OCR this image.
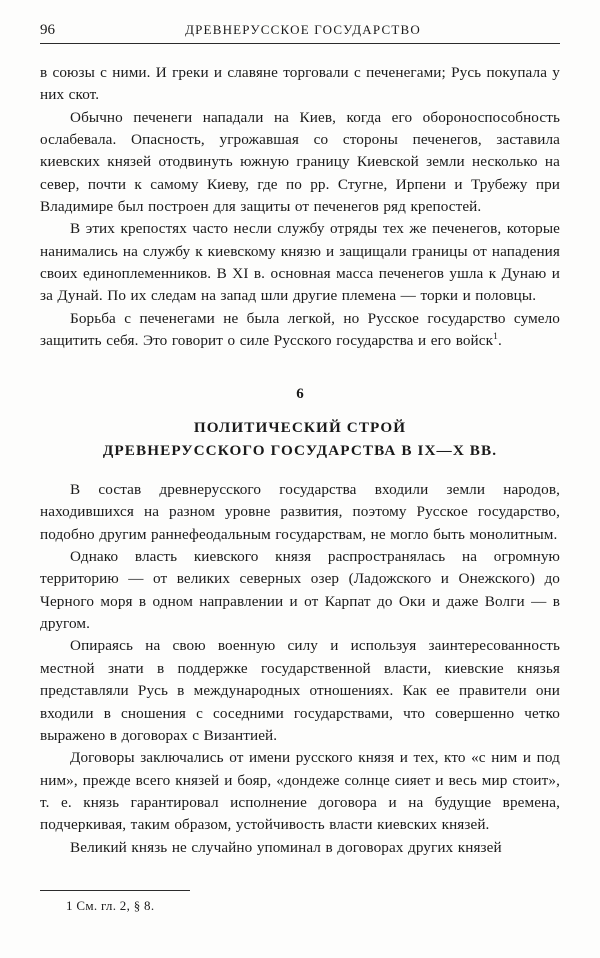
96	ДРЕВНЕРУССКОЕ ГОСУДАРСТВО

в союзы с ними. И греки и славяне торговали с печенегами; Русь покупала у них скот.

Обычно печенеги нападали на Киев, когда его обороноспособность ослабевала. Опасность, угрожавшая со стороны печенегов, заставила киевских князей отодвинуть южную границу Киевской земли несколько на север, почти к самому Киеву, где по рр. Стугне, Ирпени и Трубежу при Владимире был построен для защиты от печенегов ряд крепостей.

В этих крепостях часто несли службу отряды тех же печенегов, которые нанимались на службу к киевскому князю и защищали границы от нападения своих единоплеменников. В XI в. основная масса печенегов ушла к Дунаю и за Дунай. По их следам на запад шли другие племена — торки и половцы.

Борьба с печенегами не была легкой, но Русское государство сумело защитить себя. Это говорит о силе Русского государства и его войск$^1$.

6
ПОЛИТИЧЕСКИЙ СТРОЙ
ДРЕВНЕРУССКОГО ГОСУДАРСТВА В IX—X ВВ.

В состав древнерусского государства входили земли народов, находившихся на разном уровне развития, поэтому Русское государство, подобно другим раннефеодальным государствам, не могло быть монолитным.

Однако власть киевского князя распространялась на огромную территорию — от великих северных озер (Ладожского и Онежского) до Черного моря в одном направлении и от Карпат до Оки и даже Волги — в другом.

Опираясь на свою военную силу и используя заинтересованность местной знати в поддержке государственной власти, киевские князья представляли Русь в международных отношениях. Как ее правители они входили в сношения с соседними государствами, что совершенно четко выражено в договорах с Византией.

Договоры заключались от имени русского князя и тех, кто «с ним и под ним», прежде всего князей и бояр, «дондеже солнце сияет и весь мир стоит», т. е. князь гарантировал исполнение договора и на будущие времена, подчеркивая, таким образом, устойчивость власти киевских князей.

Великий князь не случайно упоминал в договорах других князей

1 См. гл. 2, § 8.
